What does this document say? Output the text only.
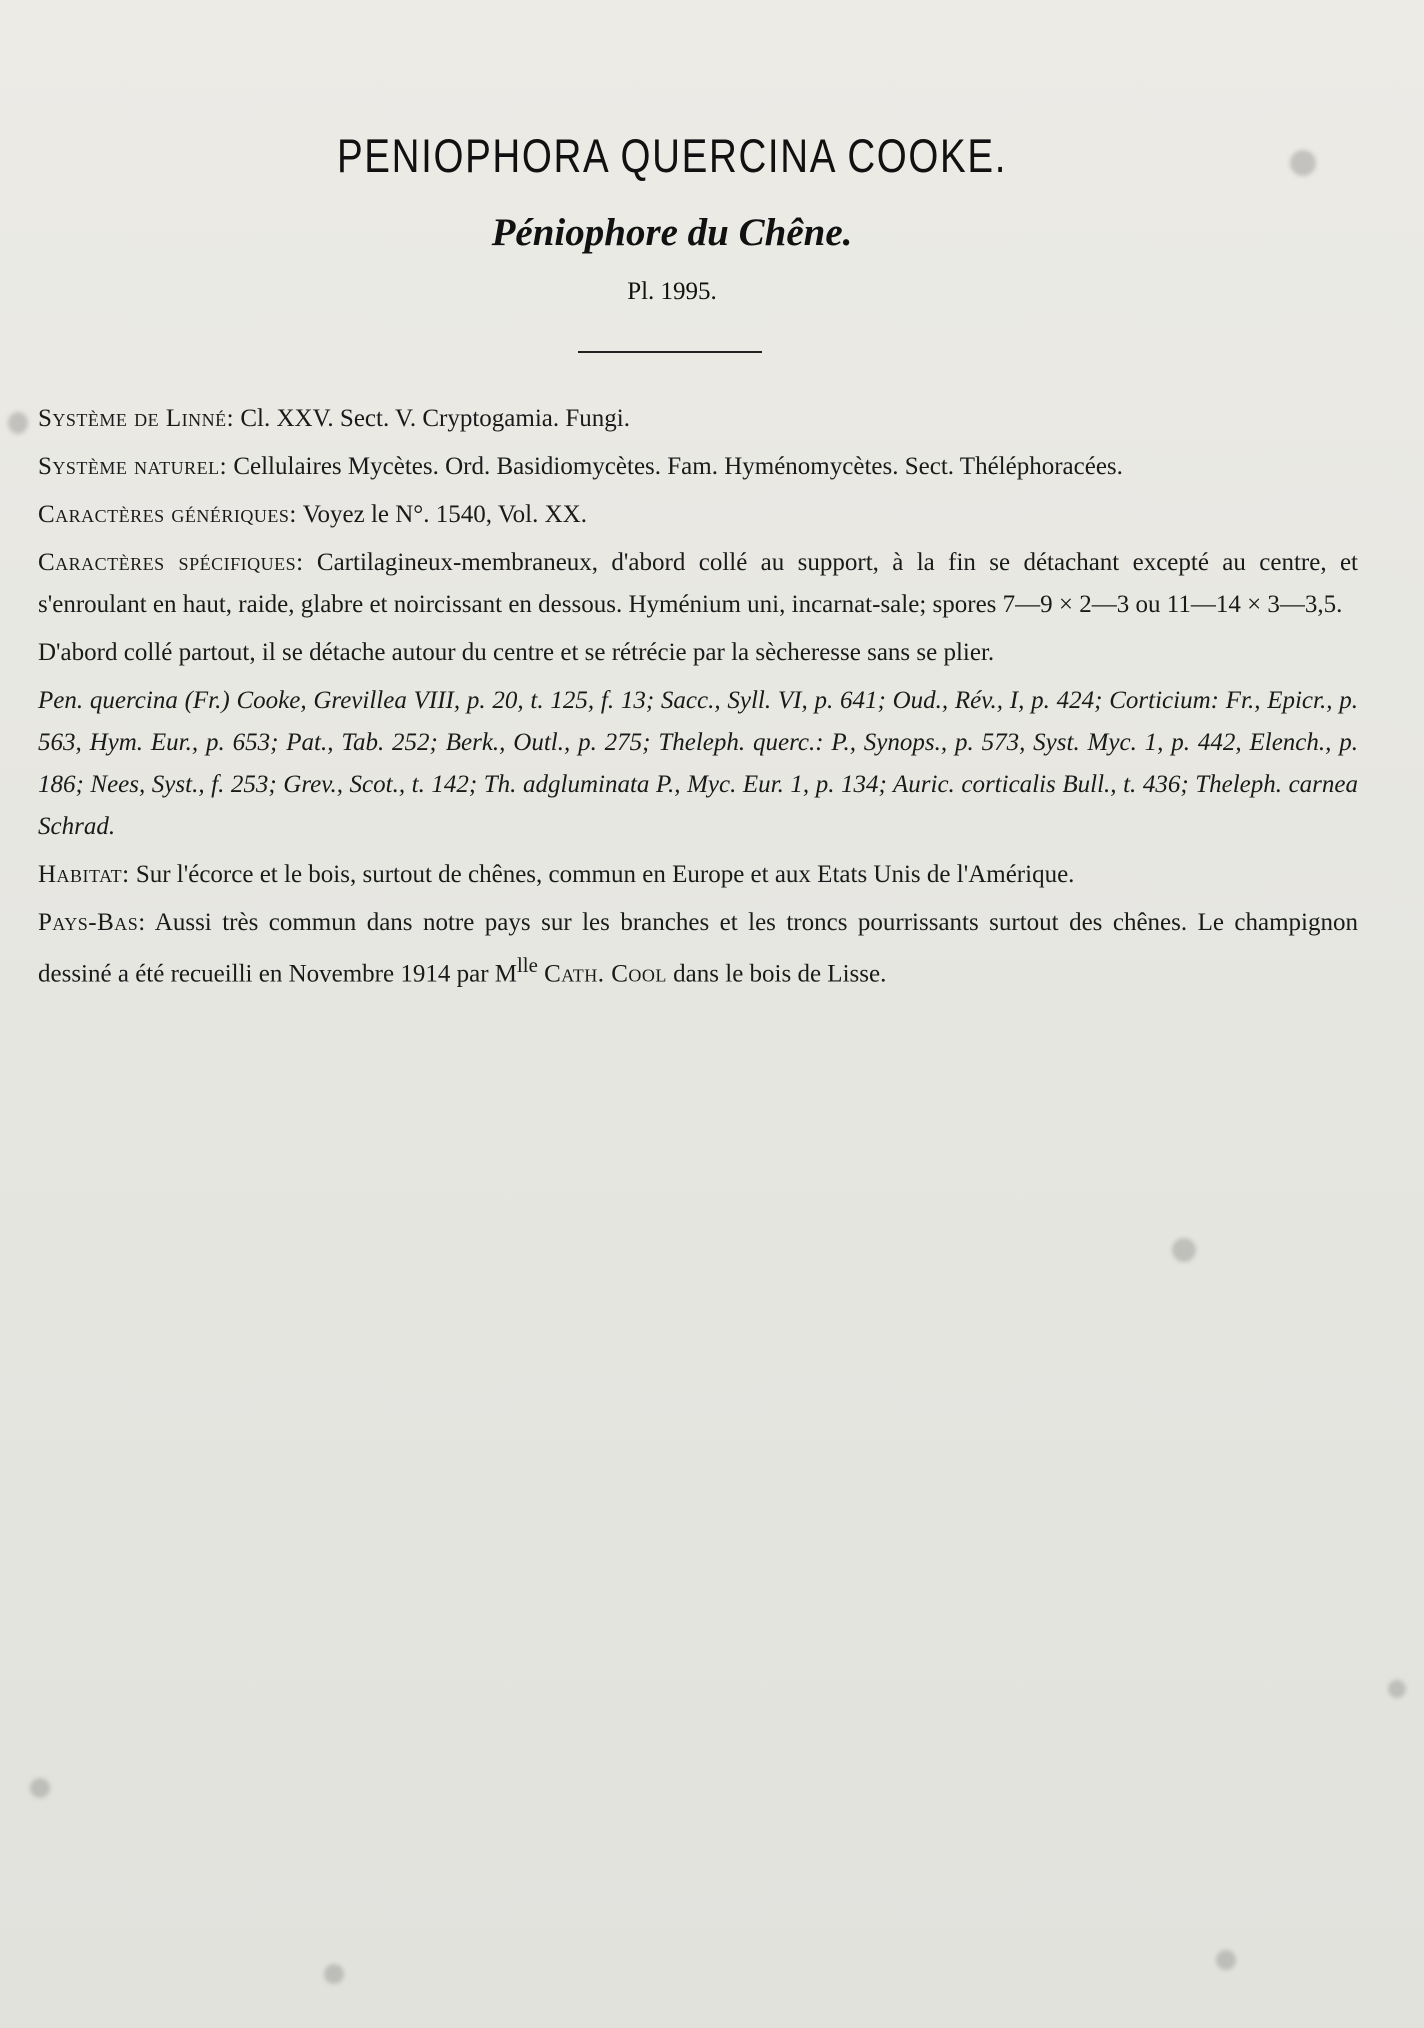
PENIOPHORA QUERCINA COOKE.
Péniophore du Chêne.
Pl. 1995.

Système de Linné: Cl. XXV. Sect. V. Cryptogamia. Fungi.

Système naturel: Cellulaires Mycètes. Ord. Basidiomycètes. Fam. Hyménomycètes. Sect. Théléphoracées.

Caractères génériques: Voyez le N°. 1540, Vol. XX.

Caractères spécifiques: Cartilagineux-membraneux, d'abord collé au support, à la fin se détachant excepté au centre, et s'enroulant en haut, raide, glabre et noircissant en dessous. Hyménium uni, incarnat-sale; spores 7—9 × 2—3 ou 11—14 × 3—3,5.

D'abord collé partout, il se détache autour du centre et se rétrécie par la sècheresse sans se plier.

Pen. quercina (Fr.) Cooke, Grevillea VIII, p. 20, t. 125, f. 13; Sacc., Syll. VI, p. 641; Oud., Rév., I, p. 424; Corticium: Fr., Epicr., p. 563, Hym. Eur., p. 653; Pat., Tab. 252; Berk., Outl., p. 275; Theleph. querc.: P., Synops., p. 573, Syst. Myc. 1, p. 442, Elench., p. 186; Nees, Syst., f. 253; Grev., Scot., t. 142; Th. adgluminata P., Myc. Eur. 1, p. 134; Auric. corticalis Bull., t. 436; Theleph. carnea Schrad.

Habitat: Sur l'écorce et le bois, surtout de chênes, commun en Europe et aux Etats Unis de l'Amérique.

Pays-Bas: Aussi très commun dans notre pays sur les branches et les troncs pourrissants surtout des chênes. Le champignon dessiné a été recueilli en Novembre 1914 par $M^{lle}$ Cath. Cool dans le bois de Lisse.
